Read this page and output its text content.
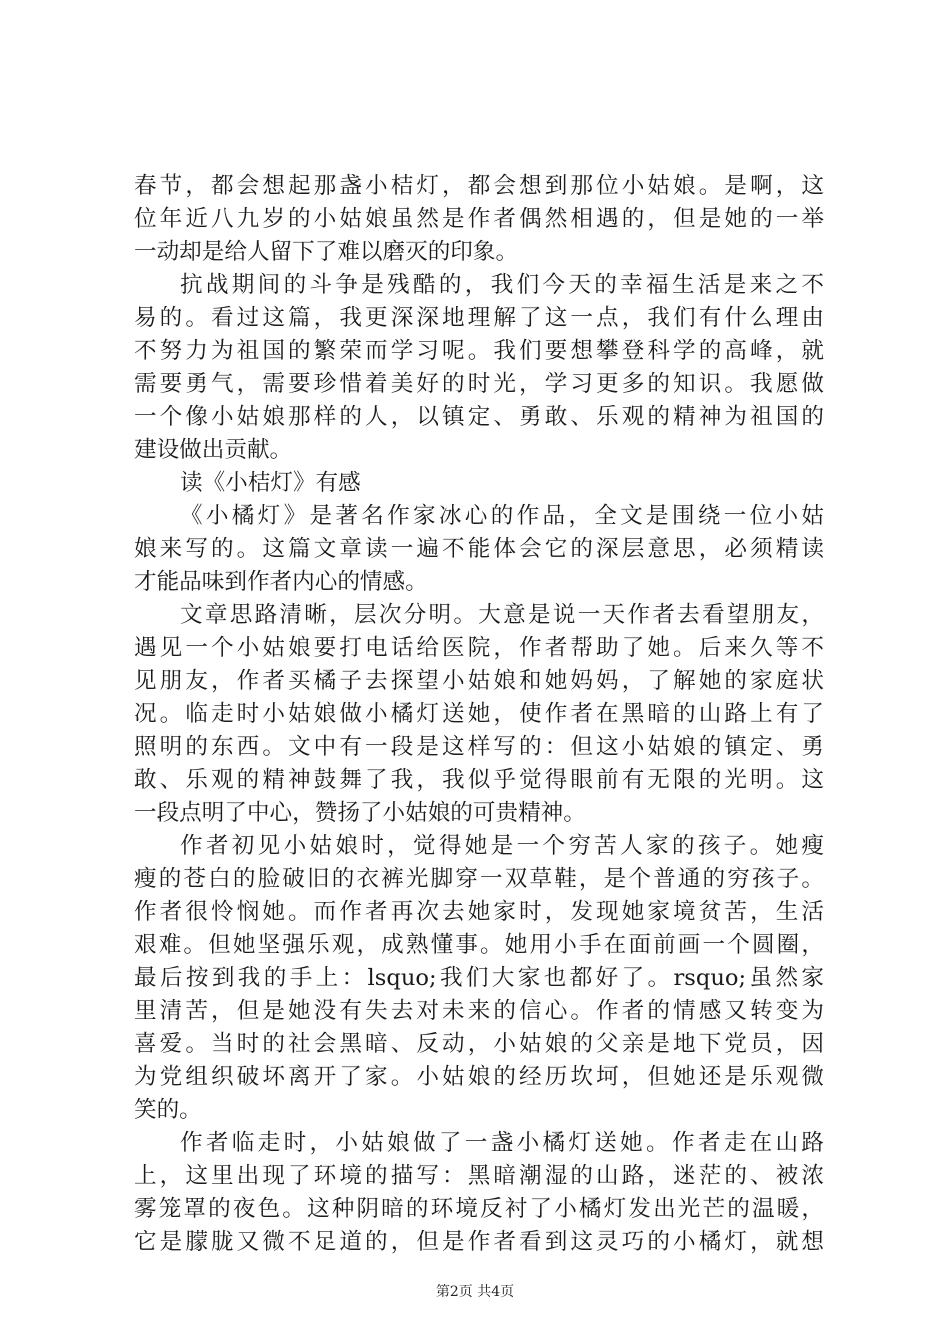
春节，都会想起那盏小桔灯，都会想到那位小姑娘。是啊，这
位年近八九岁的小姑娘虽然是作者偶然相遇的，但是她的一举
一动却是给人留下了难以磨灭的印象。
抗战期间的斗争是残酷的，我们今天的幸福生活是来之不
易的。看过这篇，我更深深地理解了这一点，我们有什么理由
不努力为祖国的繁荣而学习呢。我们要想攀登科学的高峰，就
需要勇气，需要珍惜着美好的时光，学习更多的知识。我愿做
一个像小姑娘那样的人，以镇定、勇敢、乐观的精神为祖国的
建设做出贡献。
读《小桔灯》有感
《小橘灯》是著名作家冰心的作品，全文是围绕一位小姑
娘来写的。这篇文章读一遍不能体会它的深层意思，必须精读
才能品味到作者内心的情感。
文章思路清晰，层次分明。大意是说一天作者去看望朋友，
遇见一个小姑娘要打电话给医院，作者帮助了她。后来久等不
见朋友，作者买橘子去探望小姑娘和她妈妈，了解她的家庭状
况。临走时小姑娘做小橘灯送她，使作者在黑暗的山路上有了
照明的东西。文中有一段是这样写的：但这小姑娘的镇定、勇
敢、乐观的精神鼓舞了我，我似乎觉得眼前有无限的光明。这
一段点明了中心，赞扬了小姑娘的可贵精神。
作者初见小姑娘时，觉得她是一个穷苦人家的孩子。她瘦
瘦的苍白的脸破旧的衣裤光脚穿一双草鞋，是个普通的穷孩子。
作者很怜悯她。而作者再次去她家时，发现她家境贫苦，生活
艰难。但她坚强乐观，成熟懂事。她用小手在面前画一个圆圈，
最后按到我的手上：lsquo;我们大家也都好了。rsquo;虽然家
里清苦，但是她没有失去对未来的信心。作者的情感又转变为
喜爱。当时的社会黑暗、反动，小姑娘的父亲是地下党员，因
为党组织破坏离开了家。小姑娘的经历坎坷，但她还是乐观微
笑的。
作者临走时，小姑娘做了一盏小橘灯送她。作者走在山路
上，这里出现了环境的描写：黑暗潮湿的山路，迷茫的、被浓
雾笼罩的夜色。这种阴暗的环境反衬了小橘灯发出光芒的温暖，
它是朦胧又微不足道的，但是作者看到这灵巧的小橘灯，就想
第2页 共4页
